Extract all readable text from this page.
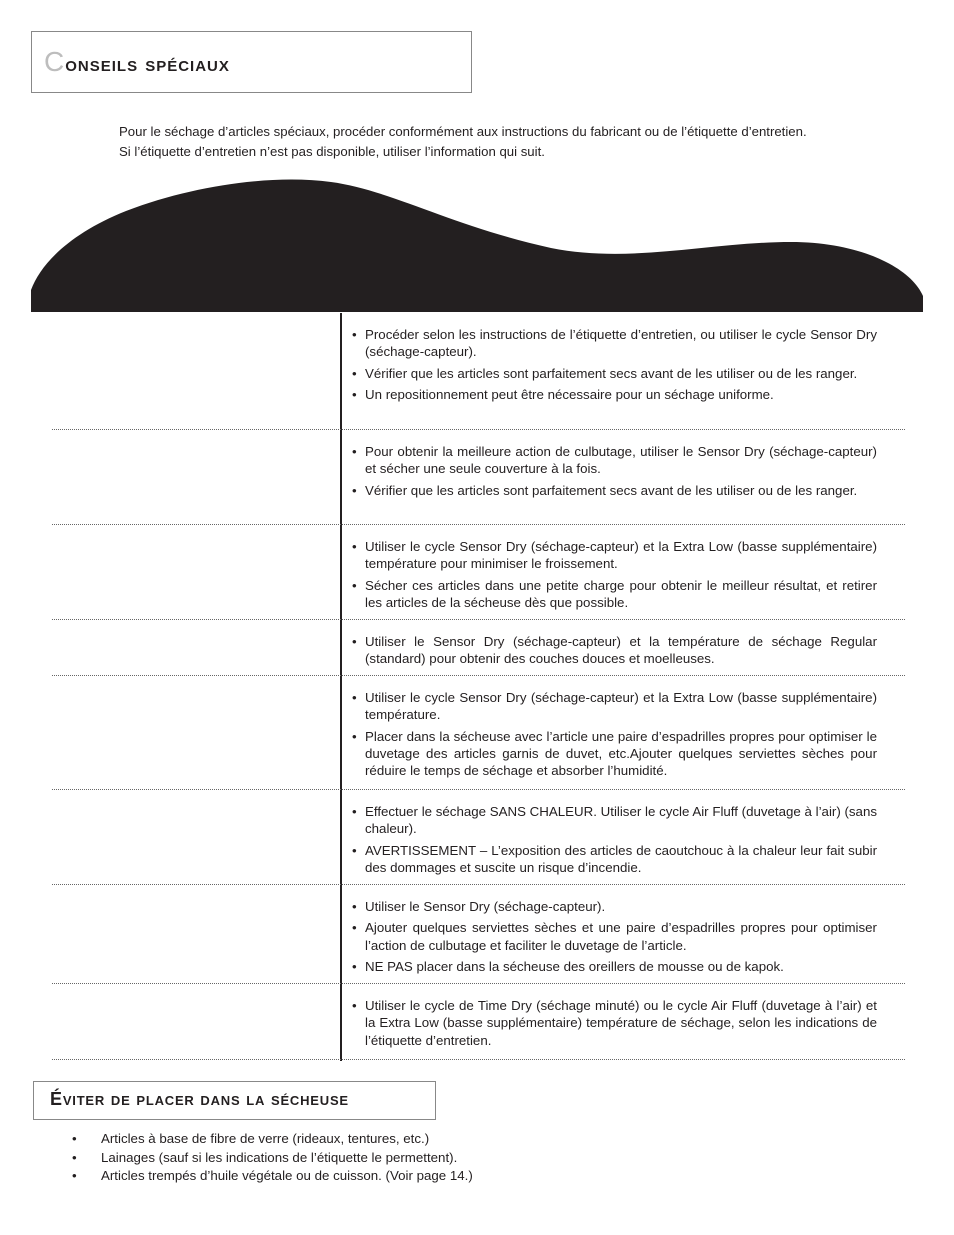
Conseils spéciaux

Pour le séchage d’articles spéciaux, procéder conformément aux instructions du fabricant ou de l’étiquette d’entretien.

Si l’étiquette d’entretien n’est pas disponible, utiliser l’information qui suit.

• Procéder selon les instructions de l’étiquette d’entretien, ou utiliser le cycle Sensor Dry (séchage-capteur).
• Vérifier que les articles sont parfaitement secs avant de les utiliser ou de les ranger.
• Un repositionnement peut être nécessaire pour un séchage uniforme.
• Pour obtenir la meilleure action de culbutage, utiliser le Sensor Dry (séchage-capteur) et sécher une seule couverture à la fois.
• Vérifier que les articles sont parfaitement secs avant de les utiliser ou de les ranger.
• Utiliser le cycle Sensor Dry (séchage-capteur) et la Extra Low (basse supplémentaire) température pour minimiser le froissement.
• Sécher ces articles dans une petite charge pour obtenir le meilleur résultat, et retirer les articles de la sécheuse dès que possible.
• Utiliser le Sensor Dry (séchage-capteur) et la température de séchage Regular (standard) pour obtenir des couches douces et moelleuses.
• Utiliser le cycle Sensor Dry (séchage-capteur) et la Extra Low (basse supplémentaire) température.
• Placer dans la sécheuse avec l’article une paire d’espadrilles propres pour optimiser le duvetage des articles garnis de duvet, etc.Ajouter quelques serviettes sèches pour réduire le temps de séchage et absorber l’humidité.
• Effectuer le séchage SANS CHALEUR. Utiliser le cycle Air Fluff (duvetage à l’air) (sans chaleur).
• AVERTISSEMENT – L’exposition des articles de caoutchouc à la chaleur leur fait subir des dommages et suscite un risque d’incendie.
• Utiliser le Sensor Dry (séchage-capteur).
• Ajouter quelques serviettes sèches et une paire d’espadrilles propres pour optimiser l’action de culbutage et faciliter le duvetage de l’article.
• NE PAS placer dans la sécheuse des oreillers de mousse ou de kapok.
• Utiliser le cycle de Time Dry (séchage minuté) ou le cycle Air Fluff (duvetage à l’air) et la Extra Low (basse supplémentaire) température de séchage, selon les indications de l’étiquette d’entretien.
Éviter de placer dans la sécheuse
• Articles à base de fibre de verre (rideaux, tentures, etc.)
• Lainages (sauf si les indications de l’étiquette le permettent).
• Articles trempés d’huile végétale ou de cuisson. (Voir page 14.)
